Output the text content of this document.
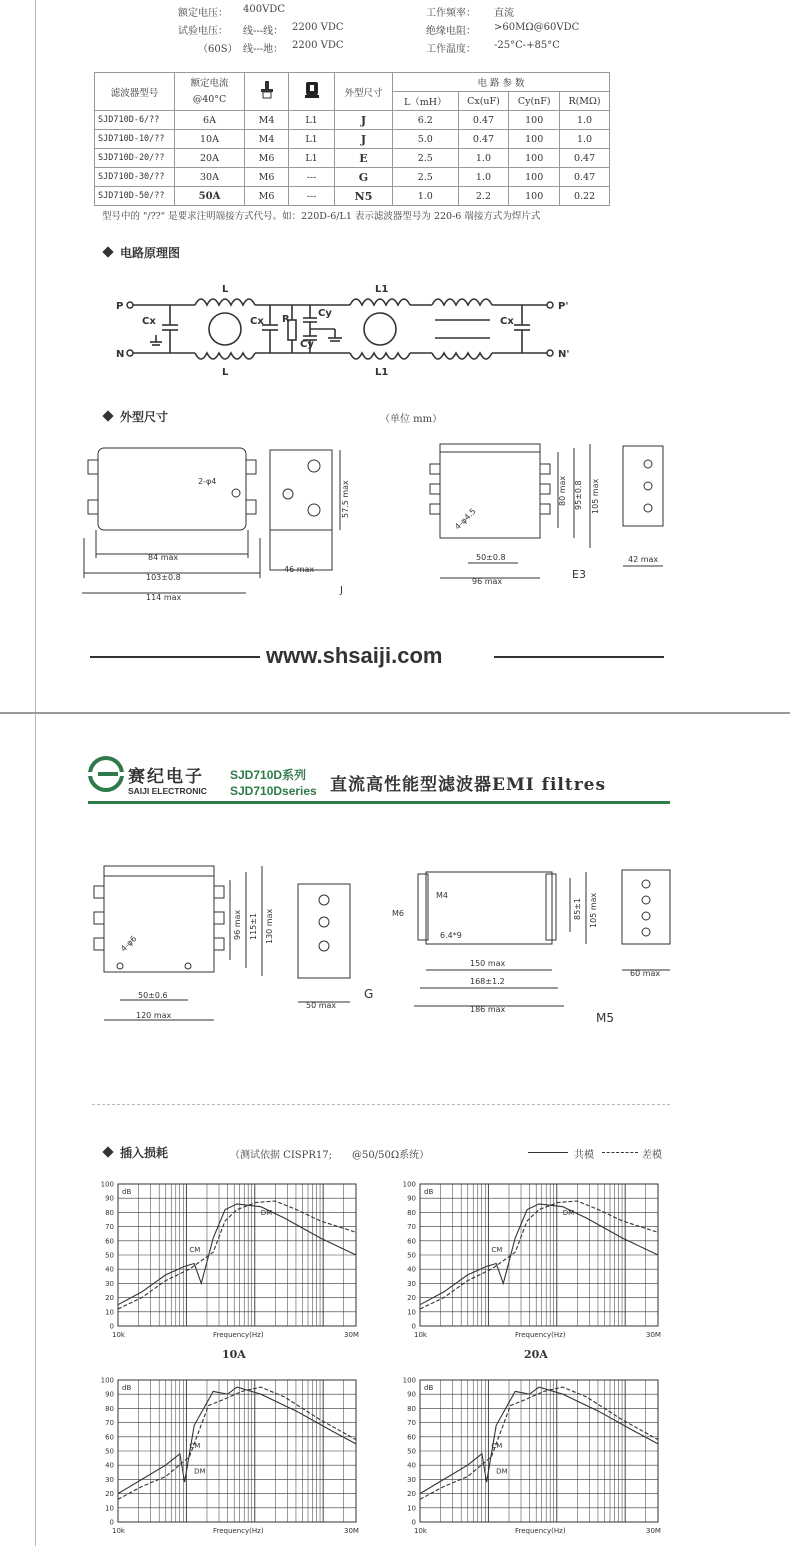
额定电压： 400VDC
试验电压： 线---线： 2200 VDC
（60S） 线---地： 2200 VDC
工作频率： 直流
绝缘电阻： >60MΩ@60VDC
工作温度： -25°C-+85°C
滤波器型号	额定电流
@40°C			外型尺寸	电 路 参 数			
					L（mH）	Cx(uF)	Cy(nF)	R(MΩ)
SJD710D-6/??	6A	M4	L1	J	6.2	0.47	100	1.0
SJD710D-10/??	10A	M4	L1	J	5.0	0.47	100	1.0
SJD710D-20/??	20A	M6	L1	E	2.5	1.0	100	0.47
SJD710D-30/??	30A	M6	---	G	2.5	1.0	100	0.47
SJD710D-50/??	50A	M6	---	N5	1.0	2.2	100	0.22
型号中的 "/??" 是要求注明端接方式代号。如：220D-6/L1 表示滤波器型号为 220-6 端接方式为焊片式
电路原理图
P
N
P'
N'
L
L
L1
L1
Cx	Cx R
Cy
Cy
Cx
外型尺寸	（单位 mm）
2-φ4
84 max
103±0.8
114 max
46 max
57.5 max
J
4-φ4.5
80 max 95±0.8 105 max
50±0.8
96 max
E3
42 max
www.shsaiji.com
赛纪电子
SAIJI ELECTRONIC
SJD710D系列
SJD710Dseries 直流高性能型滤波器EMI filtres
4-φ6
96 max 115±1 130 max
50±0.6
120 max
50 max
G
M6
M4
6.4*9
85±1 105 max
150 max
168±1.2
186 max
60 max
M5
插入损耗	（测试依据 CISPR17; @50/50Ω系统）	共模	差模
100
90
80
70
60
50
40
30
20
10
0
dB
10k	30M
Frequency(Hz)
CM
DM
10A
100
90
80
70
60
50
40
30
20
10
0
dB
10k	30M
Frequency(Hz)
CM
DM
20A
100
90
80
70
60
50
40
30
20
10
0
dB
10k	30M
Frequency(Hz)
CM
DM
100
90
80
70
60
50
40
30
20
10
0
dB
10k	30M
Frequency(Hz)
CM
DM
